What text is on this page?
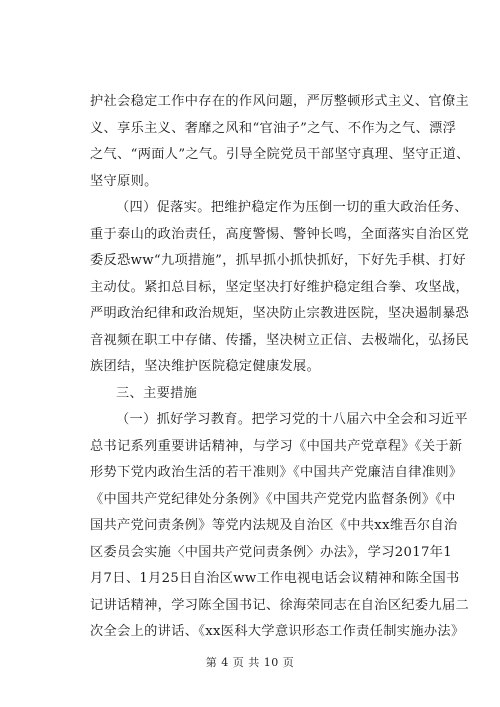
护社会稳定工作中存在的作风问题，严厉整顿形式主义、官僚主
义、享乐主义、奢靡之风和“官油子”之气、不作为之气、漂浮
之气、“两面人”之气。引导全院党员干部坚守真理、坚守正道、
坚守原则。
（四）促落实。把维护稳定作为压倒一切的重大政治任务、
重于泰山的政治责任，高度警惕、警钟长鸣，全面落实自治区党
委反恐ww“九项措施”，抓早抓小抓快抓好，下好先手棋、打好
主动仗。紧扣总目标，坚定坚决打好维护稳定组合拳、攻坚战，
严明政治纪律和政治规矩，坚决防止宗教进医院，坚决遏制暴恐
音视频在职工中存储、传播，坚决树立正信、去极端化，弘扬民
族团结，坚决维护医院稳定健康发展。
三、主要措施
（一）抓好学习教育。把学习党的十八届六中全会和习近平
总书记系列重要讲话精神，与学习《中国共产党章程》《关于新
形势下党内政治生活的若干准则》《中国共产党廉洁自律准则》
《中国共产党纪律处分条例》《中国共产党党内监督条例》《中
国共产党问责条例》等党内法规及自治区《中共xx维吾尔自治
区委员会实施〈中国共产党问责条例〉办法》，学习2017年1
月7日、1月25日自治区ww工作电视电话会议精神和陈全国书
记讲话精神，学习陈全国书记、徐海荣同志在自治区纪委九届二
次全会上的讲话、《xx医科大学意识形态工作责任制实施办法》
第 4 页 共 10 页
